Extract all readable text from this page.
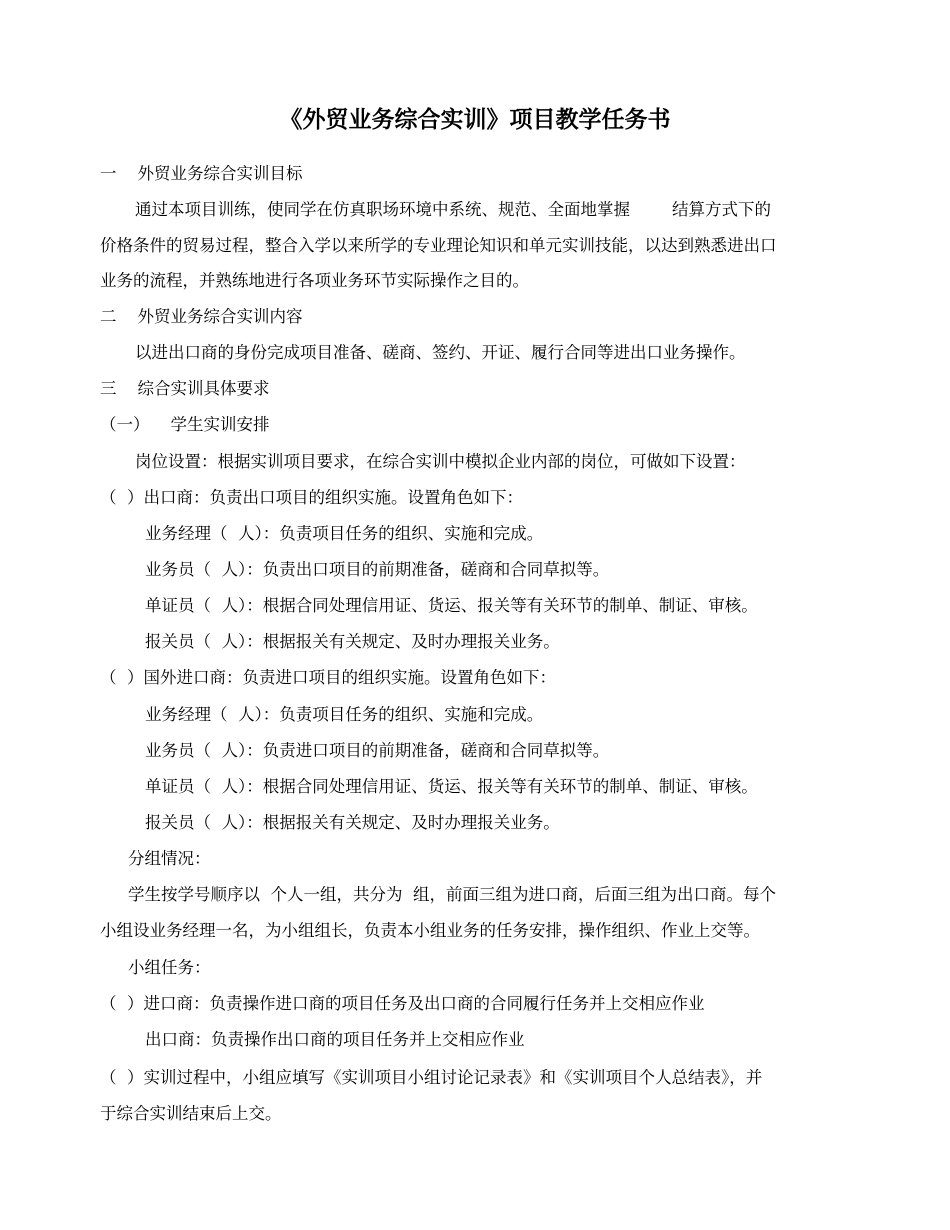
《外贸业务综合实训》项目教学任务书

一    外贸业务综合实训目标

通过本项目训练，使同学在仿真职场环境中系统、规范、全面地掌握        结算方式下的

价格条件的贸易过程，整合入学以来所学的专业理论知识和单元实训技能，以达到熟悉进出口

业务的流程，并熟练地进行各项业务环节实际操作之目的。

二    外贸业务综合实训内容

以进出口商的身份完成项目准备、磋商、签约、开证、履行合同等进出口业务操作。

三    综合实训具体要求

（一）    学生实训安排

岗位设置：根据实训项目要求，在综合实训中模拟企业内部的岗位，可做如下设置：

（  ）出口商：负责出口项目的组织实施。设置角色如下：

业务经理（  人）：负责项目任务的组织、实施和完成。

业务员（  人）：负责出口项目的前期准备，磋商和合同草拟等。

单证员（  人）：根据合同处理信用证、货运、报关等有关环节的制单、制证、审核。

报关员（  人）：根据报关有关规定、及时办理报关业务。

（  ）国外进口商：负责进口项目的组织实施。设置角色如下：

业务经理（  人）：负责项目任务的组织、实施和完成。

业务员（  人）：负责进口项目的前期准备，磋商和合同草拟等。

单证员（  人）：根据合同处理信用证、货运、报关等有关环节的制单、制证、审核。

报关员（  人）：根据报关有关规定、及时办理报关业务。

分组情况：

学生按学号顺序以  个人一组，共分为  组，前面三组为进口商，后面三组为出口商。每个

小组设业务经理一名，为小组组长，负责本小组业务的任务安排，操作组织、作业上交等。

小组任务：

（  ）进口商：负责操作进口商的项目任务及出口商的合同履行任务并上交相应作业

出口商：负责操作出口商的项目任务并上交相应作业

（  ）实训过程中，小组应填写《实训项目小组讨论记录表》和《实训项目个人总结表》，并

于综合实训结束后上交。
